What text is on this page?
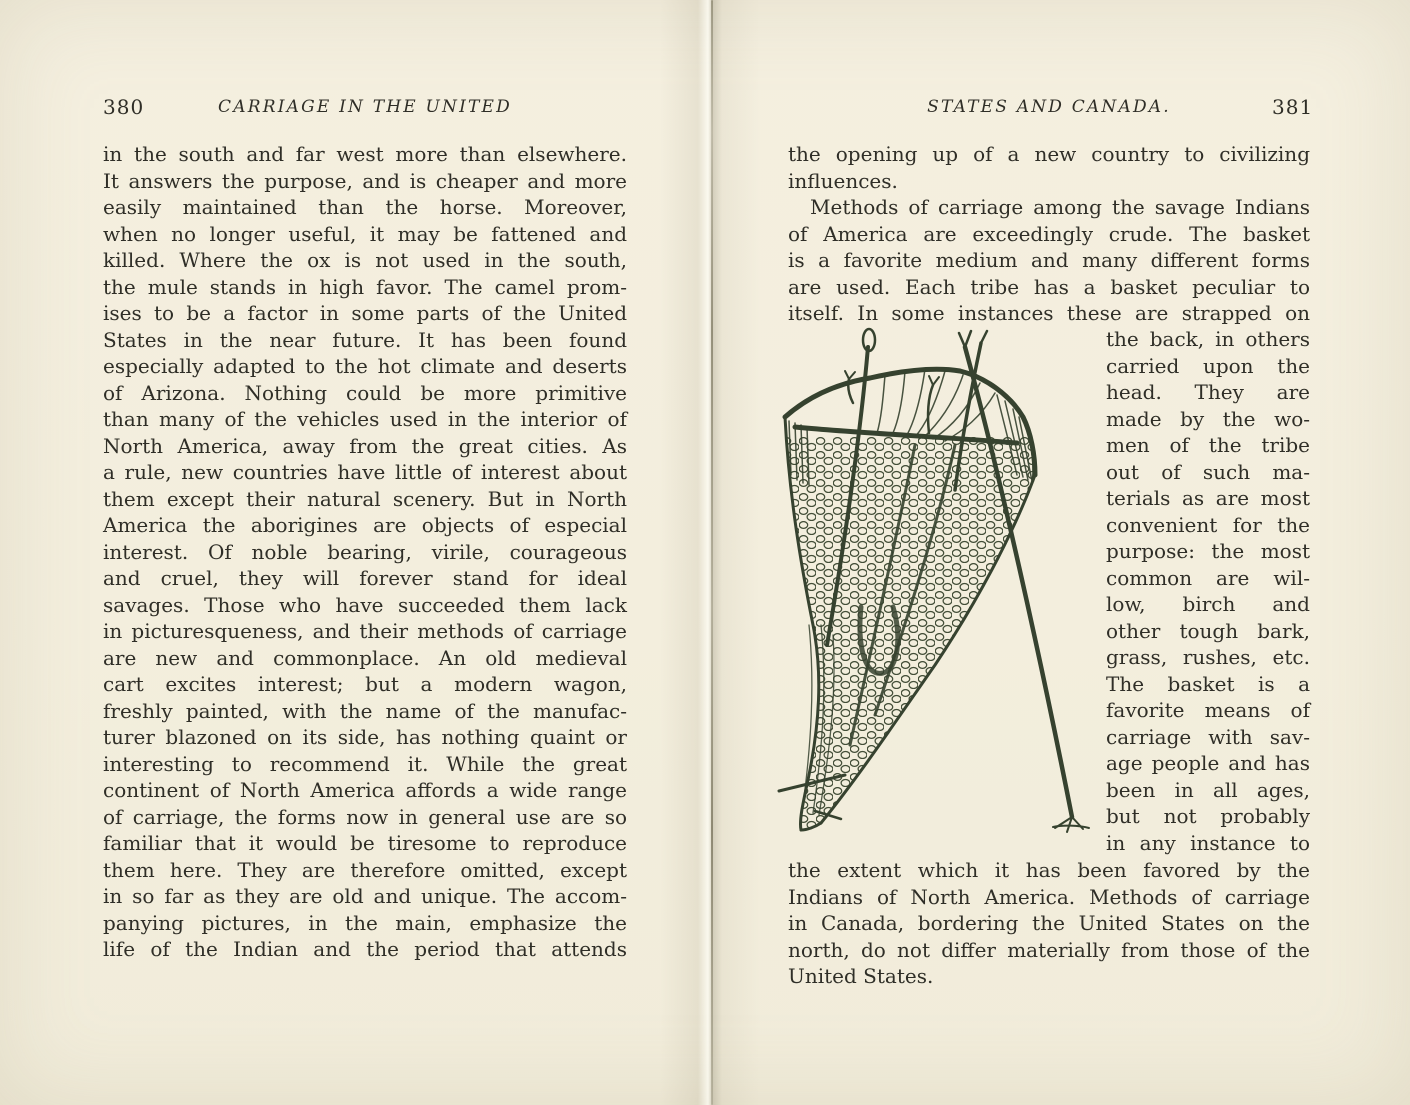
380	CARRIAGE IN THE UNITED
in the south and far west more than elsewhere.
It answers the purpose, and is cheaper and more
easily maintained than the horse. Moreover,
when no longer useful, it may be fattened and
killed. Where the ox is not used in the south,
the mule stands in high favor. The camel prom-
ises to be a factor in some parts of the United
States in the near future. It has been found
especially adapted to the hot climate and deserts
of Arizona. Nothing could be more primitive
than many of the vehicles used in the interior of
North America, away from the great cities. As
a rule, new countries have little of interest about
them except their natural scenery. But in North
America the aborigines are objects of especial
interest. Of noble bearing, virile, courageous
and cruel, they will forever stand for ideal
savages. Those who have succeeded them lack
in picturesqueness, and their methods of carriage
are new and commonplace. An old medieval
cart excites interest; but a modern wagon,
freshly painted, with the name of the manufac-
turer blazoned on its side, has nothing quaint or
interesting to recommend it. While the great
continent of North America affords a wide range
of carriage, the forms now in general use are so
familiar that it would be tiresome to reproduce
them here. They are therefore omitted, except
in so far as they are old and unique. The accom-
panying pictures, in the main, emphasize the
life of the Indian and the period that attends
STATES AND CANADA.	381
the opening up of a new country to civilizing
influences.
Methods of carriage among the savage Indians
of America are exceedingly crude. The basket
is a favorite medium and many different forms
are used. Each tribe has a basket peculiar to
itself. In some instances these are strapped on
the back, in others
carried upon the
head. They are
made by the wo-
men of the tribe
out of such ma-
terials as are most
convenient for the
purpose: the most
common are wil-
low, birch and
other tough bark,
grass, rushes, etc.
The basket is a
favorite means of
carriage with sav-
age people and has
been in all ages,
but not probably
in any instance to
the extent which it has been favored by the
Indians of North America. Methods of carriage
in Canada, bordering the United States on the
north, do not differ materially from those of the
United States.
